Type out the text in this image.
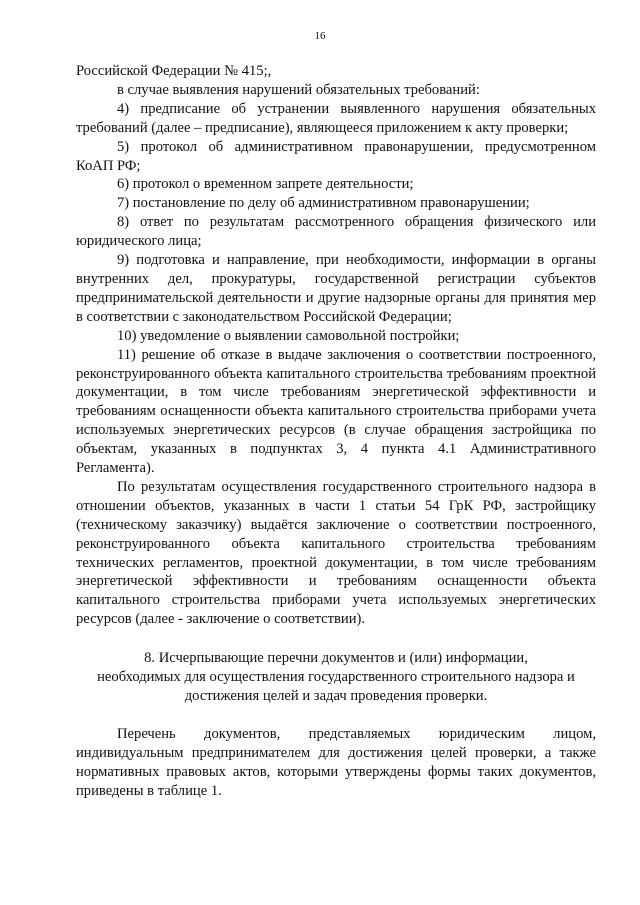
16

Российской Федерации № 415;,

в случае выявления нарушений обязательных требований:

4) предписание об устранении выявленного нарушения обязательных требований (далее – предписание), являющееся приложением к акту проверки;

5) протокол об административном правонарушении, предусмотренном КоАП РФ;

6) протокол о временном запрете деятельности;

7) постановление по делу об административном правонарушении;

8) ответ по результатам рассмотренного обращения физического или юридического лица;

9) подготовка и направление, при необходимости, информации в органы внутренних дел, прокуратуры, государственной регистрации субъектов предпринимательской деятельности и другие надзорные органы для принятия мер в соответствии с законодательством Российской Федерации;

10) уведомление о выявлении самовольной постройки;

11) решение об отказе в выдаче заключения о соответствии построенного, реконструированного объекта капитального строительства требованиям проектной документации, в том числе требованиям энергетической эффективности и требованиям оснащенности объекта капитального строительства приборами учета используемых энергетических ресурсов (в случае обращения застройщика по объектам, указанных в подпунктах 3, 4 пункта 4.1 Административного Регламента).

По результатам осуществления государственного строительного надзора в отношении объектов, указанных в части 1 статьи 54 ГрК РФ, застройщику (техническому заказчику) выдаётся заключение о соответствии построенного, реконструированного объекта капитального строительства требованиям технических регламентов, проектной документации, в том числе требованиям энергетической эффективности и требованиям оснащенности объекта капитального строительства приборами учета используемых энергетических ресурсов (далее - заключение о соответствии).

8. Исчерпывающие перечни документов и (или) информации,
необходимых для осуществления государственного строительного надзора и
достижения целей и задач проведения проверки.

Перечень документов, представляемых юридическим лицом, индивидуальным предпринимателем для достижения целей проверки, а также нормативных правовых актов, которыми утверждены формы таких документов, приведены в таблице 1.
